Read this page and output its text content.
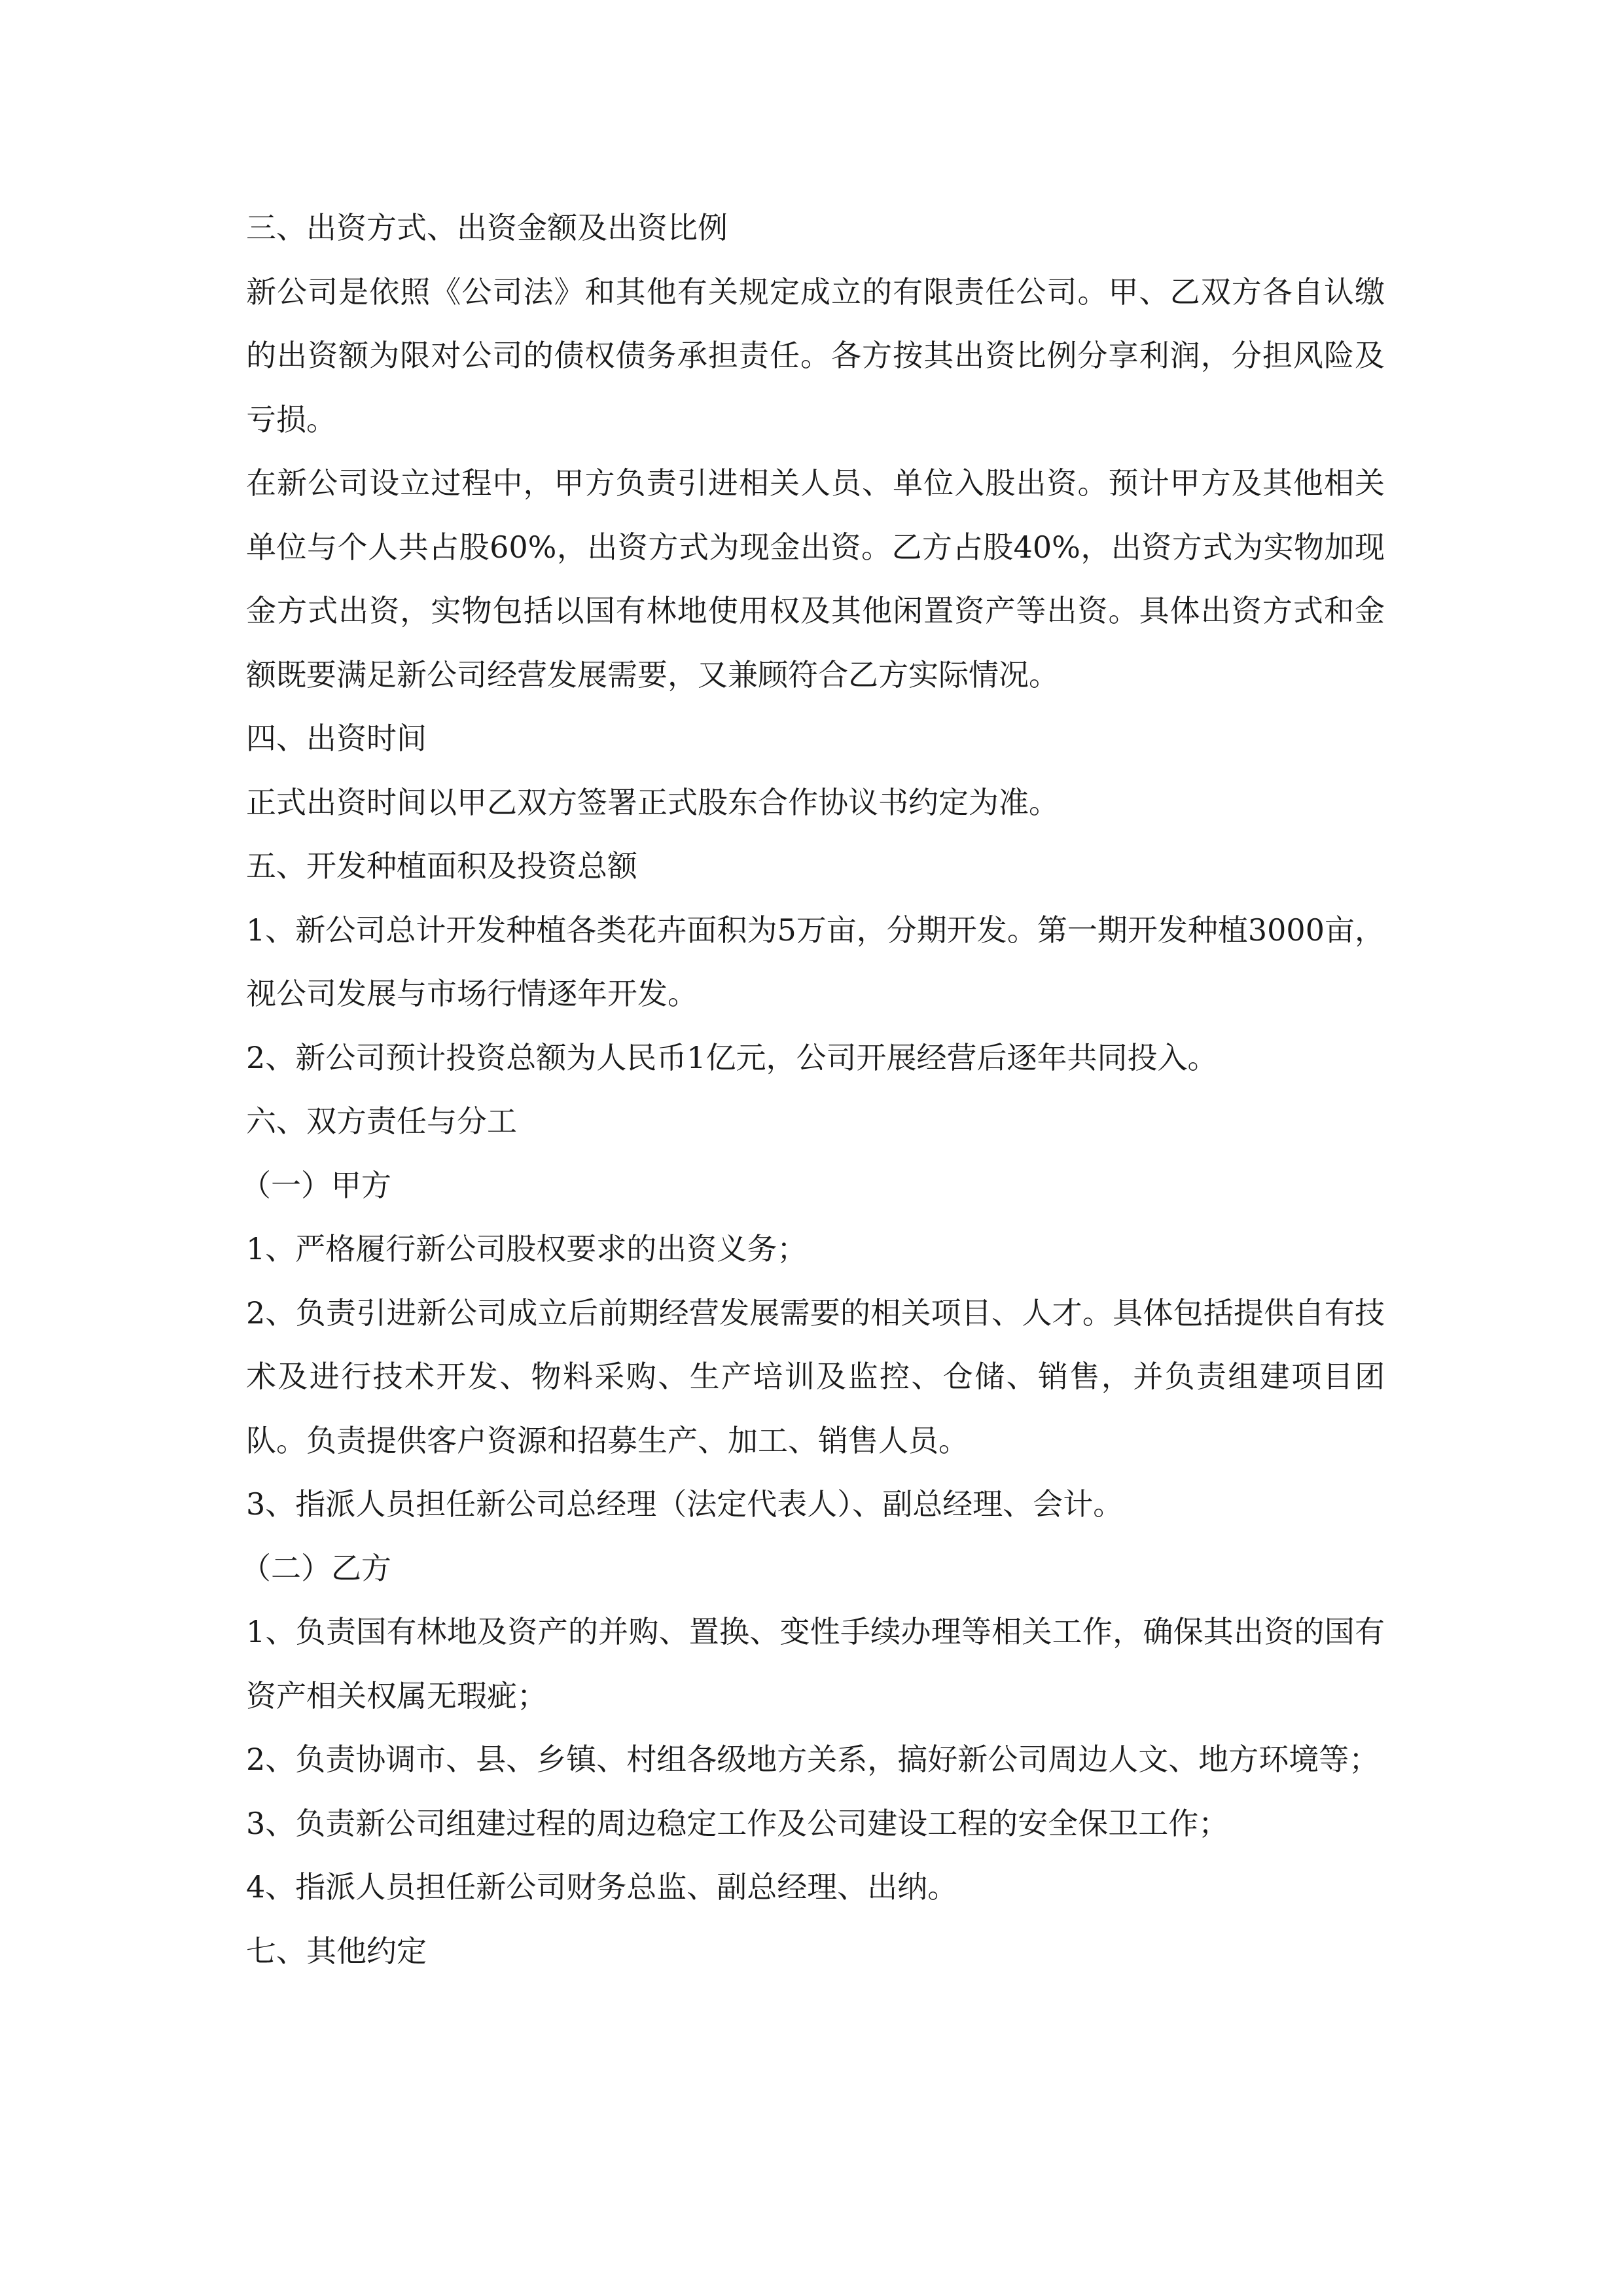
三、出资方式、出资金额及出资比例

新公司是依照《公司法》和其他有关规定成立的有限责任公司。甲、乙双方各自认缴的出资额为限对公司的债权债务承担责任。各方按其出资比例分享利润，分担风险及亏损。

在新公司设立过程中，甲方负责引进相关人员、单位入股出资。预计甲方及其他相关单位与个人共占股60%，出资方式为现金出资。乙方占股40%，出资方式为实物加现金方式出资，实物包括以国有林地使用权及其他闲置资产等出资。具体出资方式和金额既要满足新公司经营发展需要，又兼顾符合乙方实际情况。

四、出资时间

正式出资时间以甲乙双方签署正式股东合作协议书约定为准。

五、开发种植面积及投资总额

1、新公司总计开发种植各类花卉面积为5万亩，分期开发。第一期开发种植3000亩，视公司发展与市场行情逐年开发。

2、新公司预计投资总额为人民币1亿元，公司开展经营后逐年共同投入。

六、双方责任与分工

（一）甲方

1、严格履行新公司股权要求的出资义务；

2、负责引进新公司成立后前期经营发展需要的相关项目、人才。具体包括提供自有技术及进行技术开发、物料采购、生产培训及监控、仓储、销售，并负责组建项目团队。负责提供客户资源和招募生产、加工、销售人员。

3、指派人员担任新公司总经理（法定代表人）、副总经理、会计。

（二）乙方

1、负责国有林地及资产的并购、置换、变性手续办理等相关工作，确保其出资的国有资产相关权属无瑕疵；

2、负责协调市、县、乡镇、村组各级地方关系，搞好新公司周边人文、地方环境等；

3、负责新公司组建过程的周边稳定工作及公司建设工程的安全保卫工作；

4、指派人员担任新公司财务总监、副总经理、出纳。

七、其他约定
